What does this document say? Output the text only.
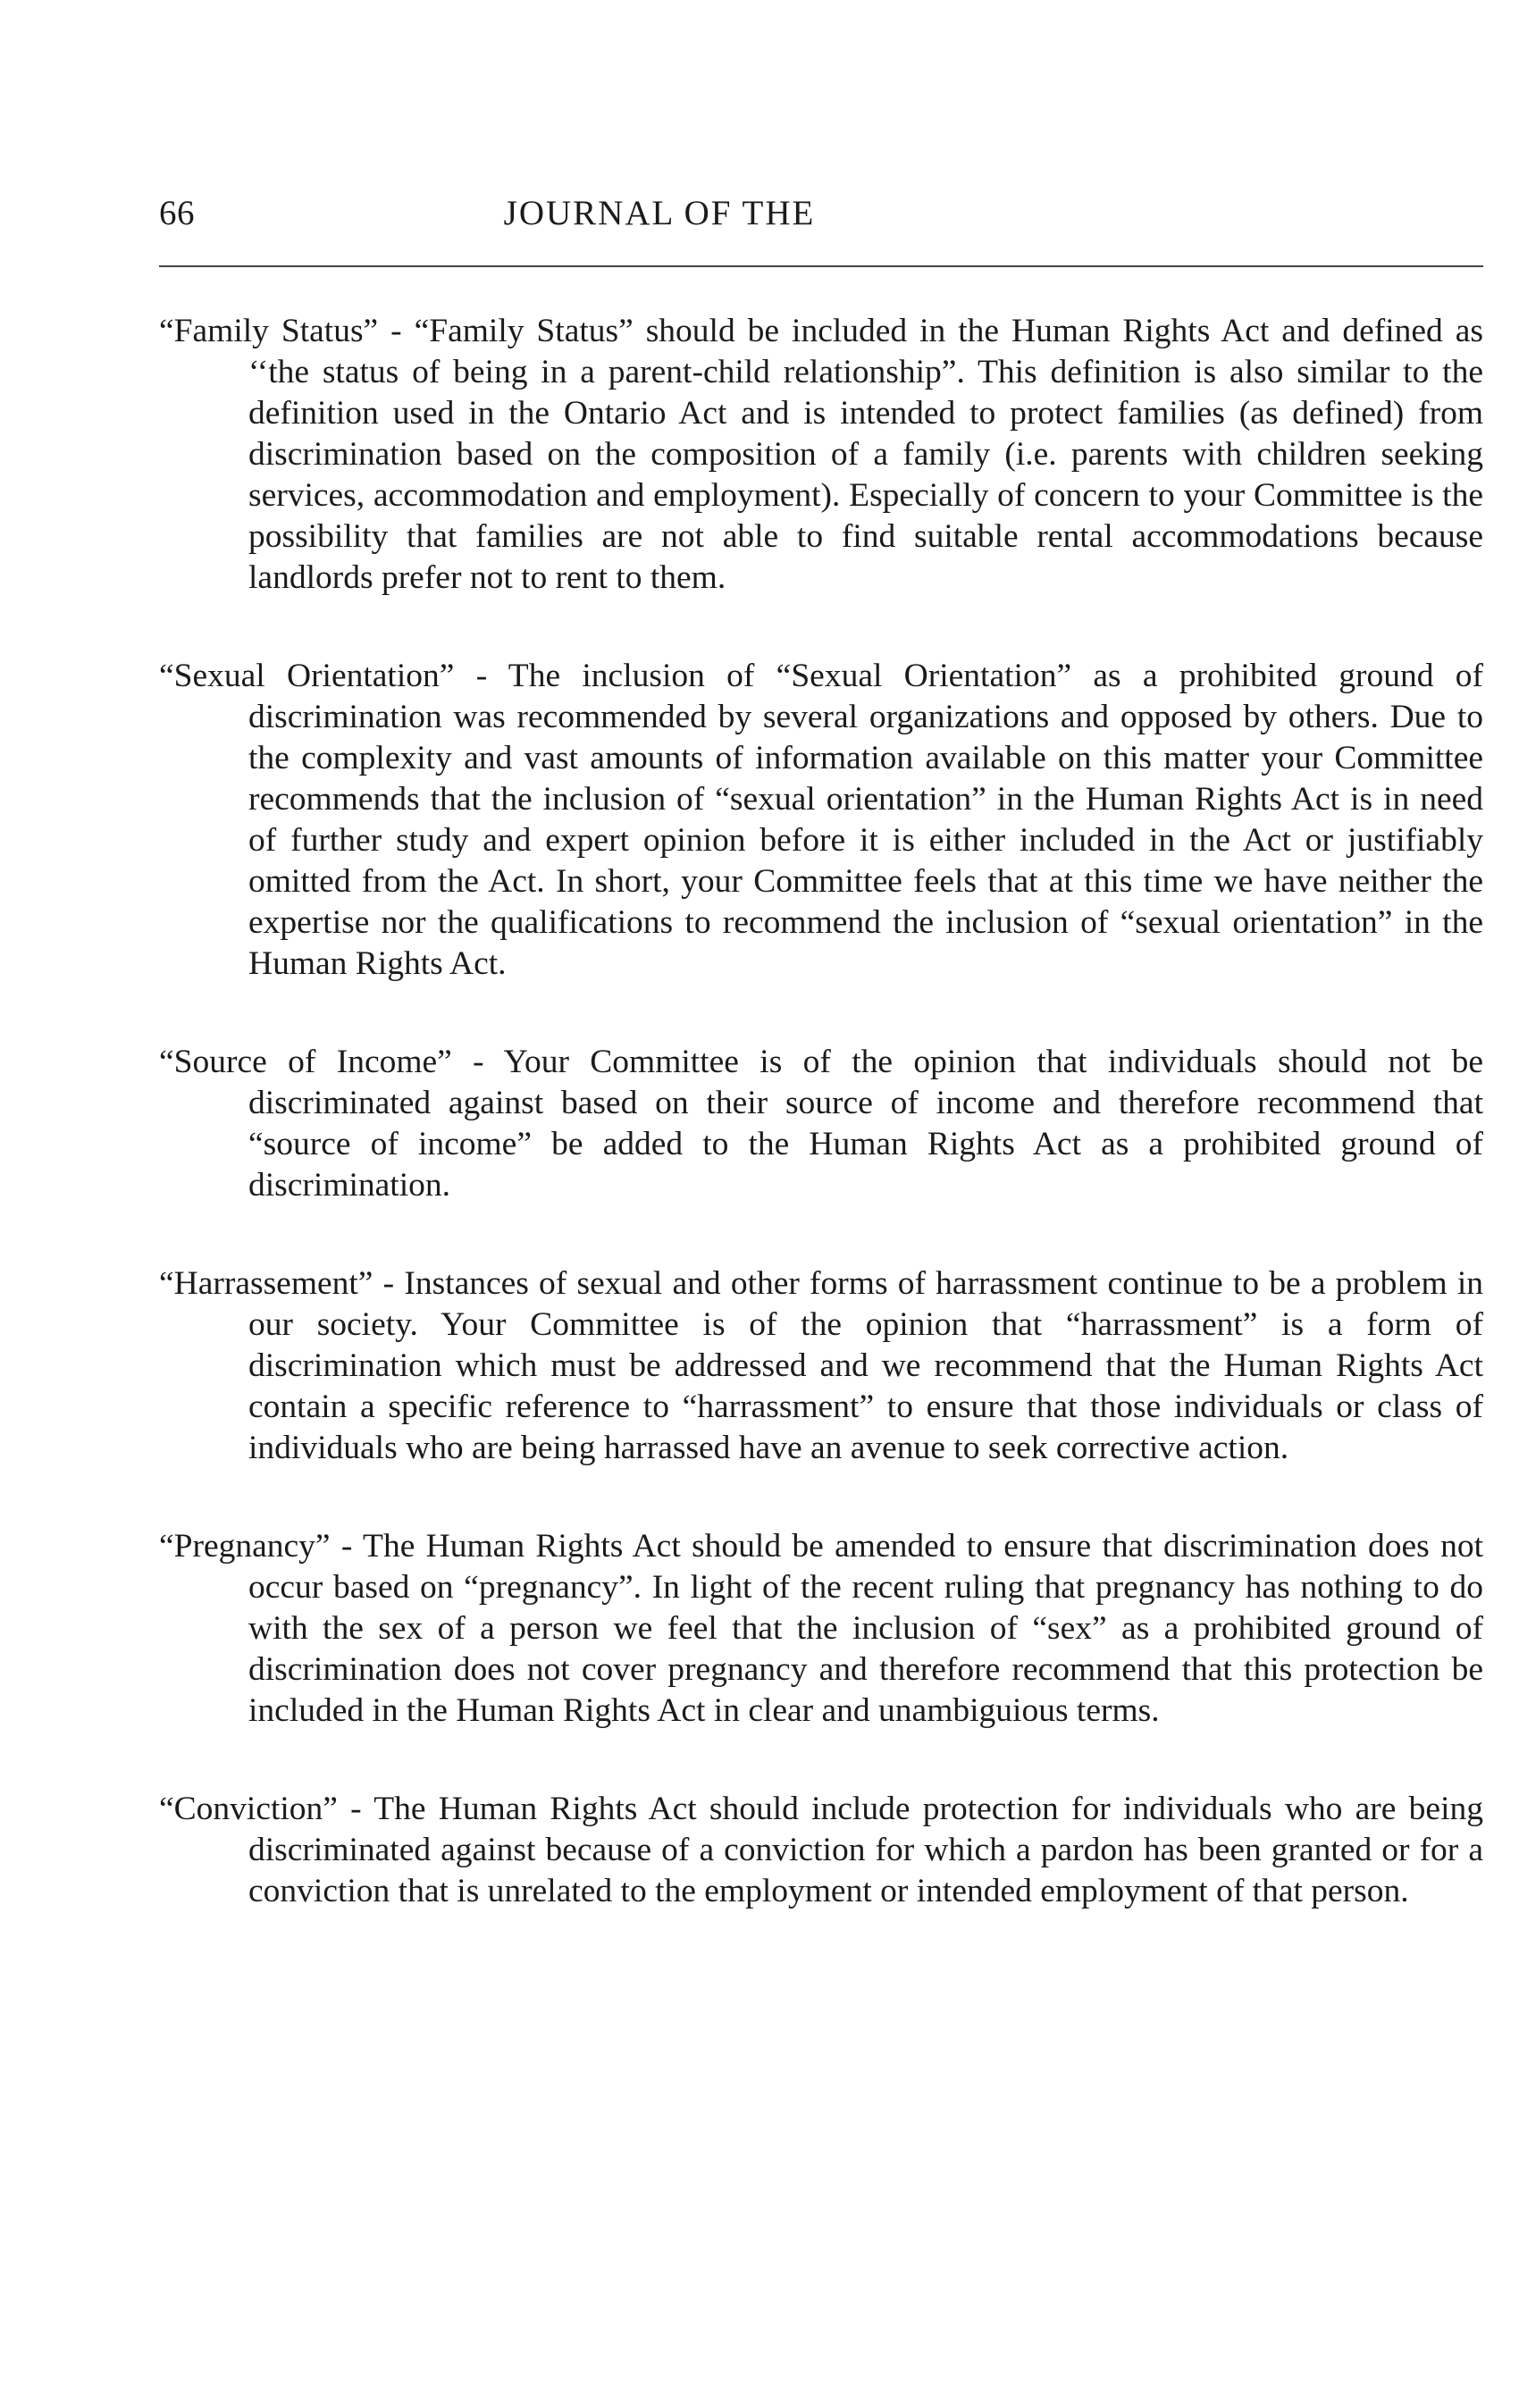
66	JOURNAL OF THE

“Family Status” - “Family Status” should be included in the Human Rights Act and defined as ‘‘the status of being in a parent-child relationship”. This definition is also similar to the definition used in the Ontario Act and is intended to protect families (as defined) from discrimination based on the composition of a family (i.e. parents with children seeking services, accommodation and employment). Especially of concern to your Committee is the possibility that families are not able to find suitable rental accommodations because landlords prefer not to rent to them.

“Sexual Orientation” - The inclusion of “Sexual Orientation” as a prohibited ground of discrimination was recommended by several organizations and opposed by others. Due to the complexity and vast amounts of information available on this matter your Committee recommends that the inclusion of “sexual orientation” in the Human Rights Act is in need of further study and expert opinion before it is either included in the Act or justifiably omitted from the Act. In short, your Committee feels that at this time we have neither the expertise nor the qualifications to recommend the inclusion of “sexual orientation” in the Human Rights Act.

“Source of Income” - Your Committee is of the opinion that individuals should not be discriminated against based on their source of income and therefore recommend that “source of income” be added to the Human Rights Act as a prohibited ground of discrimination.

“Harrassement” - Instances of sexual and other forms of harrassment continue to be a problem in our society. Your Committee is of the opinion that “harrassment” is a form of discrimination which must be addressed and we recommend that the Human Rights Act contain a specific reference to “harrassment” to ensure that those individuals or class of individuals who are being harrassed have an avenue to seek corrective action.

“Pregnancy” - The Human Rights Act should be amended to ensure that discrimination does not occur based on “pregnancy”. In light of the recent ruling that pregnancy has nothing to do with the sex of a person we feel that the inclusion of “sex” as a prohibited ground of discrimination does not cover pregnancy and therefore recommend that this protection be included in the Human Rights Act in clear and unambiguious terms.

“Conviction” - The Human Rights Act should include protection for individuals who are being discriminated against because of a conviction for which a pardon has been granted or for a conviction that is unrelated to the employment or intended employment of that person.
